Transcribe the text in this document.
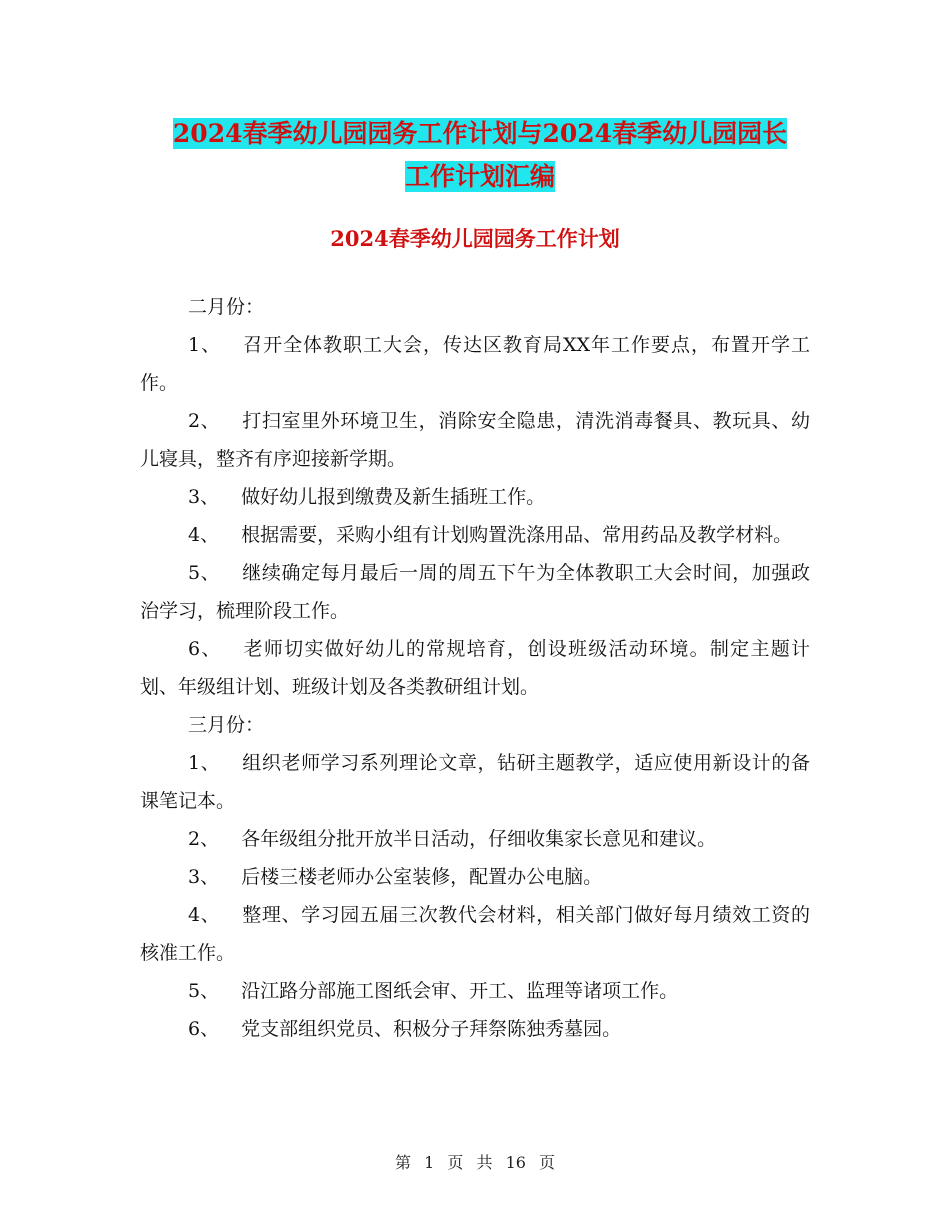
2024春季幼儿园园务工作计划与2024春季幼儿园园长
工作计划汇编
2024春季幼儿园园务工作计划

二月份：

1、 召开全体教职工大会，传达区教育局XX年工作要点，布置开学工作。

2、 打扫室里外环境卫生，消除安全隐患，清洗消毒餐具、教玩具、幼儿寝具，整齐有序迎接新学期。

3、 做好幼儿报到缴费及新生插班工作。

4、 根据需要，采购小组有计划购置洗涤用品、常用药品及教学材料。

5、 继续确定每月最后一周的周五下午为全体教职工大会时间，加强政治学习，梳理阶段工作。

6、 老师切实做好幼儿的常规培育，创设班级活动环境。制定主题计划、年级组计划、班级计划及各类教研组计划。

三月份：

1、 组织老师学习系列理论文章，钻研主题教学，适应使用新设计的备课笔记本。

2、 各年级组分批开放半日活动，仔细收集家长意见和建议。

3、 后楼三楼老师办公室装修，配置办公电脑。

4、 整理、学习园五届三次教代会材料，相关部门做好每月绩效工资的核准工作。

5、 沿江路分部施工图纸会审、开工、监理等诸项工作。

6、 党支部组织党员、积极分子拜祭陈独秀墓园。

第 1 页 共 16 页
